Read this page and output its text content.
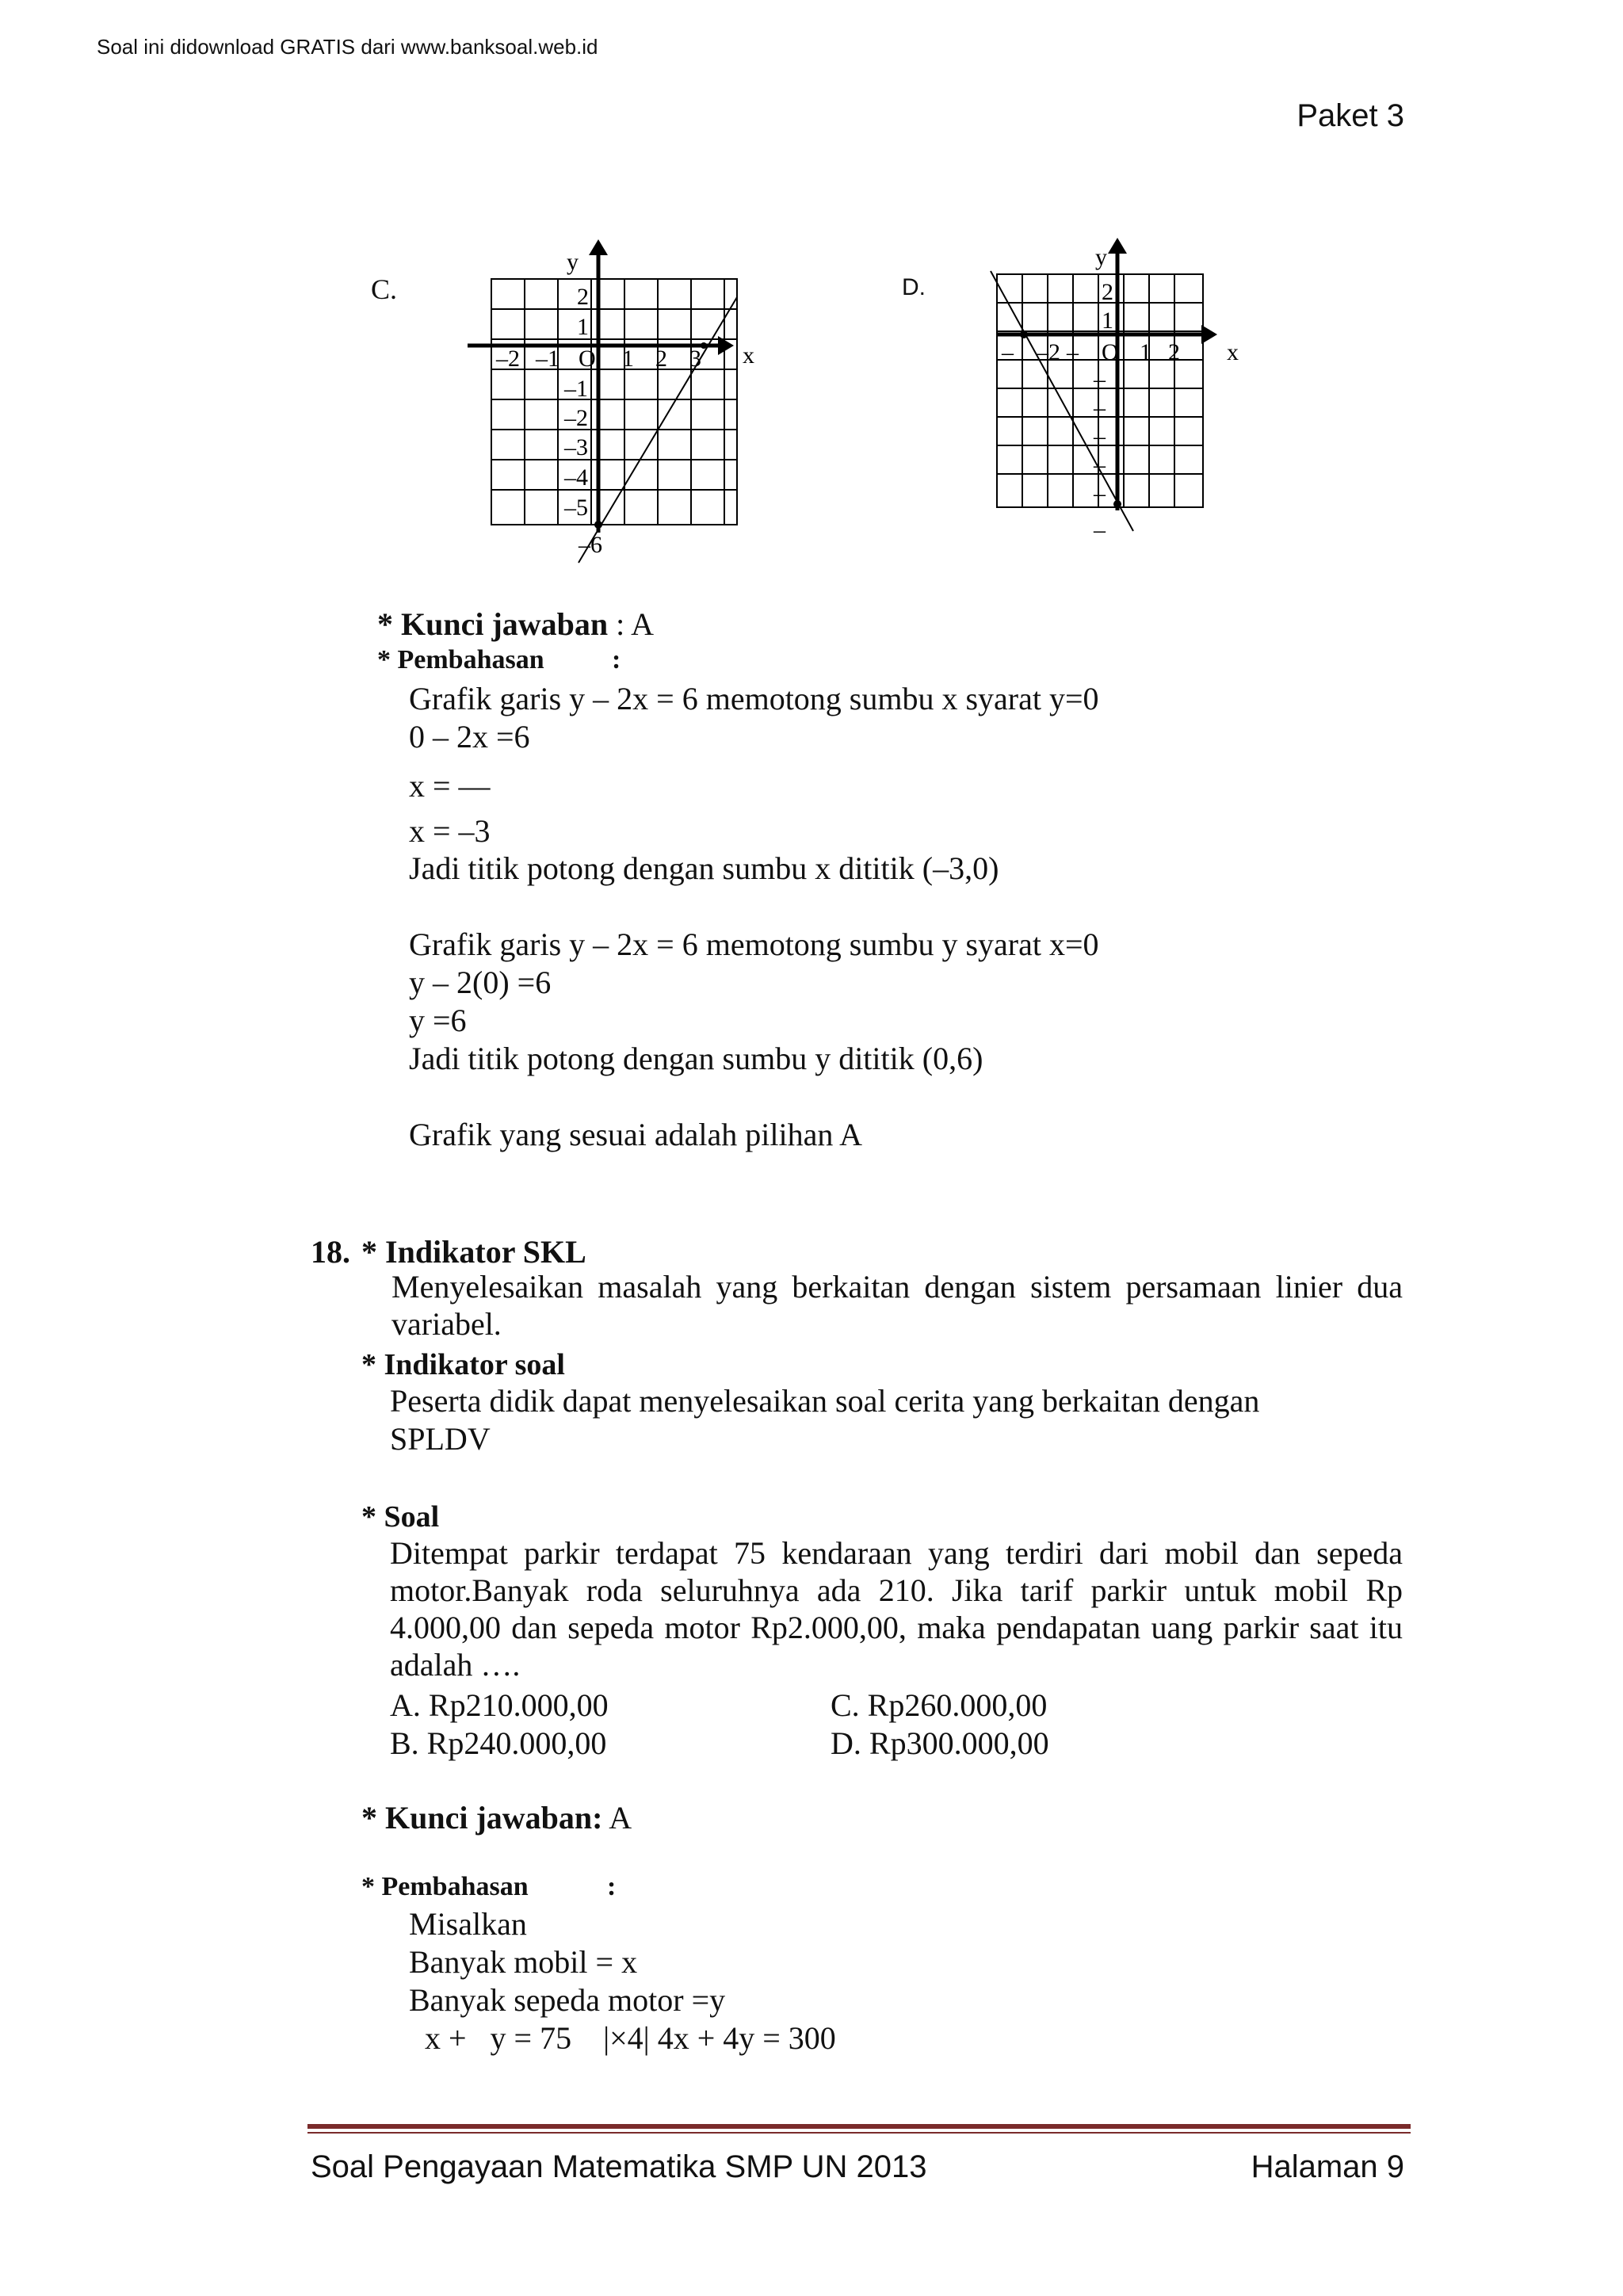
Soal ini didownload GRATIS dari www.banksoal.web.id
Paket 3
C.
y
x
O
–2 –1	1 2 3
2
1
–1
–2
–3
–4
–5
–6
D.
y
x
O
– –2 –	1 2
2
1
–
–
–
–
–
–
* Kunci jawaban : A
* Pembahasan	:
Grafik garis y – 2x = 6 memotong sumbu x syarat y=0
0 – 2x =6
x = —
x = –3
Jadi titik potong dengan sumbu x dititik (–3,0)
Grafik garis y – 2x = 6 memotong sumbu y syarat x=0
y – 2(0) =6
y =6
Jadi titik potong dengan sumbu y dititik (0,6)
Grafik yang sesuai adalah pilihan A
18. * Indikator SKL
Menyelesaikan masalah yang berkaitan dengan sistem persamaan linier dua variabel.
* Indikator soal
Peserta didik dapat menyelesaikan soal cerita yang berkaitan dengan
SPLDV
* Soal
Ditempat parkir terdapat 75 kendaraan yang terdiri dari mobil dan sepeda motor.Banyak roda seluruhnya ada 210. Jika tarif parkir untuk mobil Rp 4.000,00 dan sepeda motor Rp2.000,00, maka pendapatan uang parkir saat itu adalah ….
A. Rp210.000,00	C. Rp260.000,00
B. Rp240.000,00	D. Rp300.000,00
* Kunci jawaban: A
* Pembahasan	:
Misalkan
Banyak mobil = x
Banyak sepeda motor =y
x +   y = 75    |×4| 4x + 4y = 300
Soal Pengayaan Matematika SMP UN 2013	Halaman 9
